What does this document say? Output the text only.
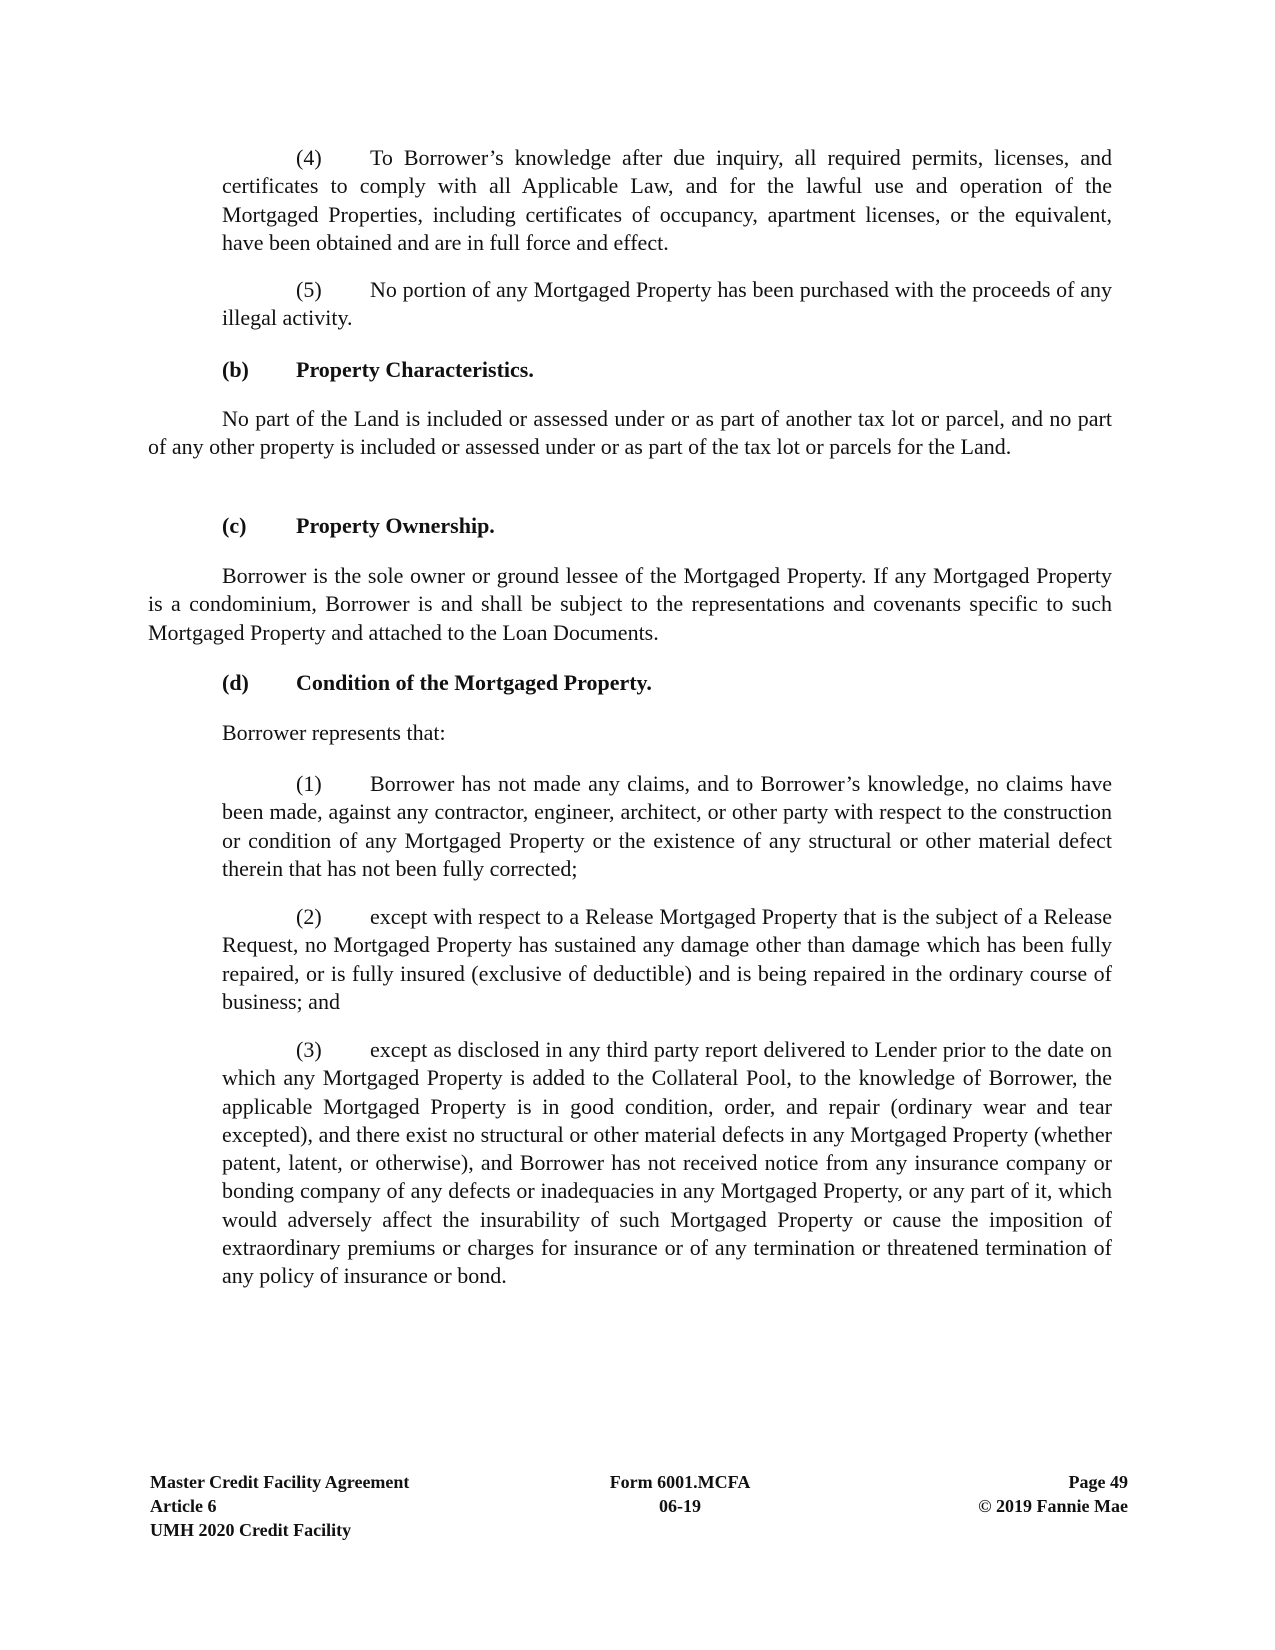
(4) To Borrower’s knowledge after due inquiry, all required permits, licenses, and certificates to comply with all Applicable Law, and for the lawful use and operation of the Mortgaged Properties, including certificates of occupancy, apartment licenses, or the equivalent, have been obtained and are in full force and effect.
(5) No portion of any Mortgaged Property has been purchased with the proceeds of any illegal activity.
(b) Property Characteristics.
No part of the Land is included or assessed under or as part of another tax lot or parcel, and no part of any other property is included or assessed under or as part of the tax lot or parcels for the Land.
(c) Property Ownership.
Borrower is the sole owner or ground lessee of the Mortgaged Property. If any Mortgaged Property is a condominium, Borrower is and shall be subject to the representations and covenants specific to such Mortgaged Property and attached to the Loan Documents.
(d) Condition of the Mortgaged Property.
Borrower represents that:
(1) Borrower has not made any claims, and to Borrower’s knowledge, no claims have been made, against any contractor, engineer, architect, or other party with respect to the construction or condition of any Mortgaged Property or the existence of any structural or other material defect therein that has not been fully corrected;
(2) except with respect to a Release Mortgaged Property that is the subject of a Release Request, no Mortgaged Property has sustained any damage other than damage which has been fully repaired, or is fully insured (exclusive of deductible) and is being repaired in the ordinary course of business; and
(3) except as disclosed in any third party report delivered to Lender prior to the date on which any Mortgaged Property is added to the Collateral Pool, to the knowledge of Borrower, the applicable Mortgaged Property is in good condition, order, and repair (ordinary wear and tear excepted), and there exist no structural or other material defects in any Mortgaged Property (whether patent, latent, or otherwise), and Borrower has not received notice from any insurance company or bonding company of any defects or inadequacies in any Mortgaged Property, or any part of it, which would adversely affect the insurability of such Mortgaged Property or cause the imposition of extraordinary premiums or charges for insurance or of any termination or threatened termination of any policy of insurance or bond.
Master Credit Facility Agreement
Article 6
UMH 2020 Credit Facility
Form 6001.MCFA
06-19
Page 49
© 2019 Fannie Mae
